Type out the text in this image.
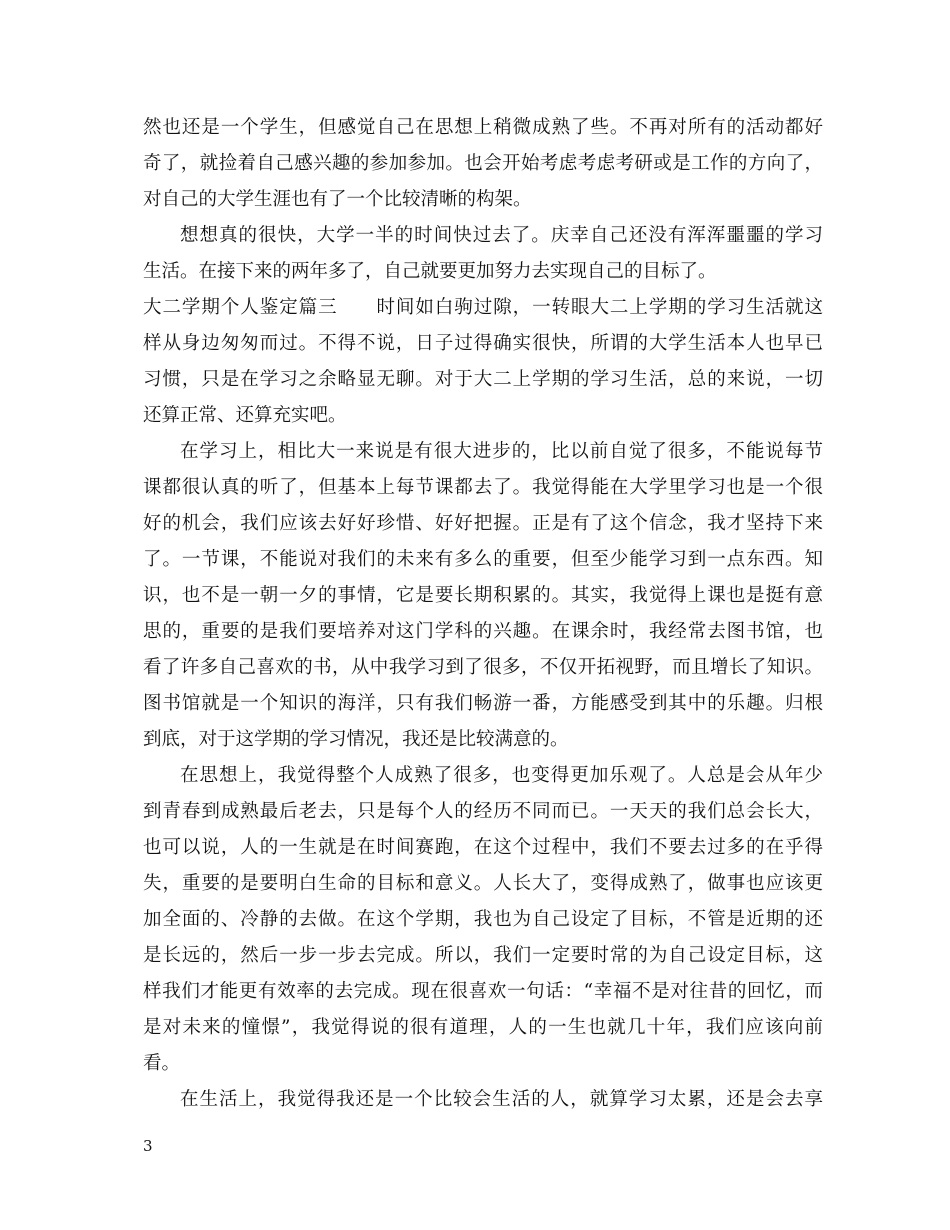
然也还是一个学生，但感觉自己在思想上稍微成熟了些。不再对所有的活动都好
奇了，就捡着自己感兴趣的参加参加。也会开始考虑考虑考研或是工作的方向了，
对自己的大学生涯也有了一个比较清晰的构架。
想想真的很快，大学一半的时间快过去了。庆幸自己还没有浑浑噩噩的学习
生活。在接下来的两年多了，自己就要更加努力去实现自己的目标了。
大二学期个人鉴定篇三　　时间如白驹过隙，一转眼大二上学期的学习生活就这
样从身边匆匆而过。不得不说，日子过得确实很快，所谓的大学生活本人也早已
习惯，只是在学习之余略显无聊。对于大二上学期的学习生活，总的来说，一切
还算正常、还算充实吧。
在学习上，相比大一来说是有很大进步的，比以前自觉了很多，不能说每节
课都很认真的听了，但基本上每节课都去了。我觉得能在大学里学习也是一个很
好的机会，我们应该去好好珍惜、好好把握。正是有了这个信念，我才坚持下来
了。一节课，不能说对我们的未来有多么的重要，但至少能学习到一点东西。知
识，也不是一朝一夕的事情，它是要长期积累的。其实，我觉得上课也是挺有意
思的，重要的是我们要培养对这门学科的兴趣。在课余时，我经常去图书馆，也
看了许多自己喜欢的书，从中我学习到了很多，不仅开拓视野，而且增长了知识。
图书馆就是一个知识的海洋，只有我们畅游一番，方能感受到其中的乐趣。归根
到底，对于这学期的学习情况，我还是比较满意的。
在思想上，我觉得整个人成熟了很多，也变得更加乐观了。人总是会从年少
到青春到成熟最后老去，只是每个人的经历不同而已。一天天的我们总会长大，
也可以说，人的一生就是在时间赛跑，在这个过程中，我们不要去过多的在乎得
失，重要的是要明白生命的目标和意义。人长大了，变得成熟了，做事也应该更
加全面的、冷静的去做。在这个学期，我也为自己设定了目标，不管是近期的还
是长远的，然后一步一步去完成。所以，我们一定要时常的为自己设定目标，这
样我们才能更有效率的去完成。现在很喜欢一句话：“幸福不是对往昔的回忆，而
是对未来的憧憬”，我觉得说的很有道理，人的一生也就几十年，我们应该向前
看。
在生活上，我觉得我还是一个比较会生活的人，就算学习太累，还是会去享
3
